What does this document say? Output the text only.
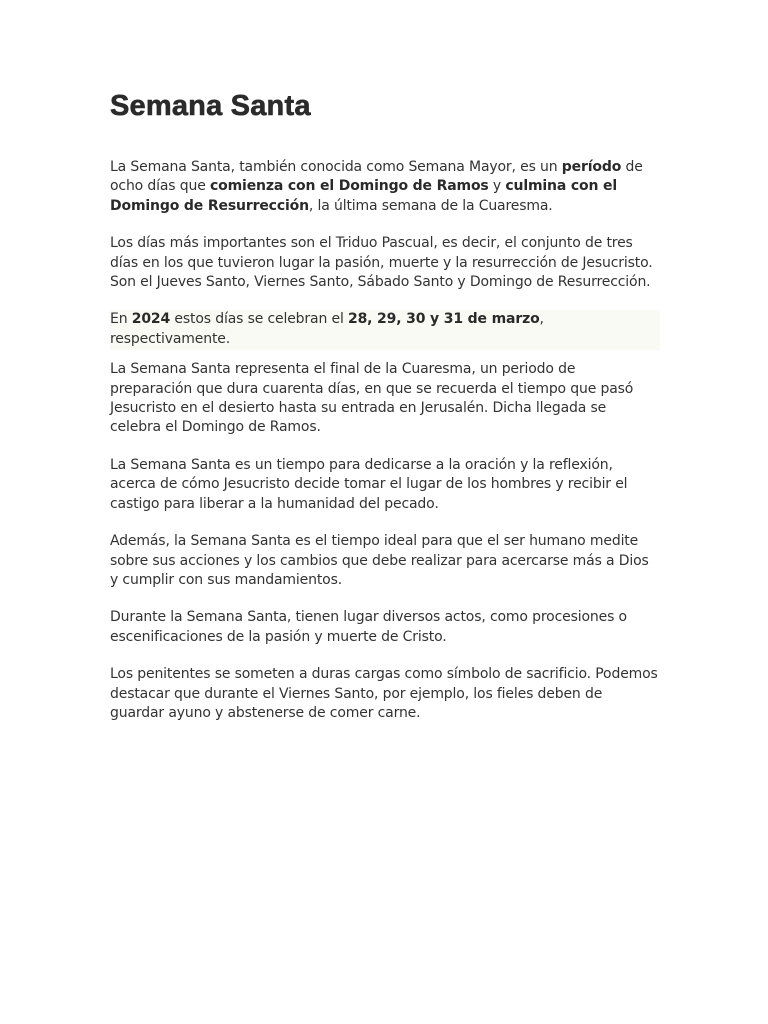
Semana Santa

La Semana Santa, también conocida como Semana Mayor, es un período de ocho días que comienza con el Domingo de Ramos y culmina con el Domingo de Resurrección, la última semana de la Cuaresma.

Los días más importantes son el Triduo Pascual, es decir, el conjunto de tres días en los que tuvieron lugar la pasión, muerte y la resurrección de Jesucristo. Son el Jueves Santo, Viernes Santo, Sábado Santo y Domingo de Resurrección.

En 2024 estos días se celebran el 28, 29, 30 y 31 de marzo, respectivamente.

La Semana Santa representa el final de la Cuaresma, un periodo de preparación que dura cuarenta días, en que se recuerda el tiempo que pasó Jesucristo en el desierto hasta su entrada en Jerusalén. Dicha llegada se celebra el Domingo de Ramos.

La Semana Santa es un tiempo para dedicarse a la oración y la reflexión, acerca de cómo Jesucristo decide tomar el lugar de los hombres y recibir el castigo para liberar a la humanidad del pecado.

Además, la Semana Santa es el tiempo ideal para que el ser humano medite sobre sus acciones y los cambios que debe realizar para acercarse más a Dios y cumplir con sus mandamientos.

Durante la Semana Santa, tienen lugar diversos actos, como procesiones o escenificaciones de la pasión y muerte de Cristo.

Los penitentes se someten a duras cargas como símbolo de sacrificio. Podemos destacar que durante el Viernes Santo, por ejemplo, los fieles deben de guardar ayuno y abstenerse de comer carne.
